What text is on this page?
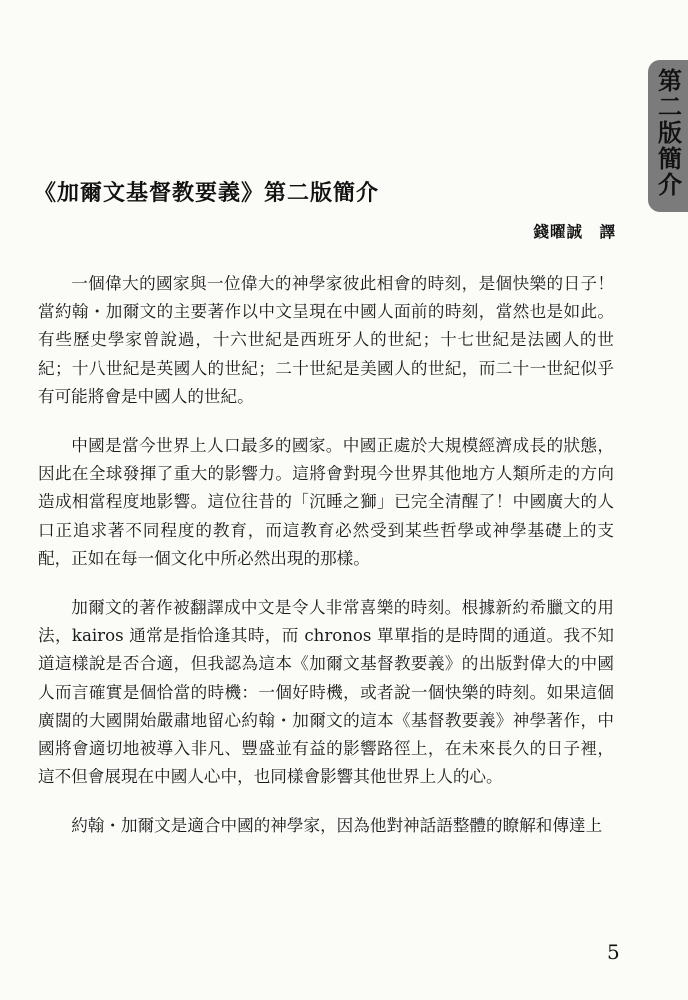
第二版簡介
《加爾文基督教要義》第二版簡介
錢曜誠　譯

一個偉大的國家與一位偉大的神學家彼此相會的時刻，是個快樂的日子！當約翰・加爾文的主要著作以中文呈現在中國人面前的時刻，當然也是如此。有些歷史學家曾說過，十六世紀是西班牙人的世紀；十七世紀是法國人的世紀；十八世紀是英國人的世紀；二十世紀是美國人的世紀，而二十一世紀似乎有可能將會是中國人的世紀。

中國是當今世界上人口最多的國家。中國正處於大規模經濟成長的狀態，因此在全球發揮了重大的影響力。這將會對現今世界其他地方人類所走的方向造成相當程度地影響。這位往昔的「沉睡之獅」已完全清醒了！中國廣大的人口正追求著不同程度的教育，而這教育必然受到某些哲學或神學基礎上的支配，正如在每一個文化中所必然出現的那樣。

加爾文的著作被翻譯成中文是令人非常喜樂的時刻。根據新約希臘文的用法，kairos 通常是指恰逢其時，而 chronos 單單指的是時間的通道。我不知道這樣說是否合適，但我認為這本《加爾文基督教要義》的出版對偉大的中國人而言確實是個恰當的時機：一個好時機，或者說一個快樂的時刻。如果這個廣闊的大國開始嚴肅地留心約翰・加爾文的這本《基督教要義》神學著作，中國將會適切地被導入非凡、豐盛並有益的影響路徑上，在未來長久的日子裡，這不但會展現在中國人心中，也同樣會影響其他世界上人的心。

約翰・加爾文是適合中國的神學家，因為他對神話語整體的瞭解和傳達上

5
